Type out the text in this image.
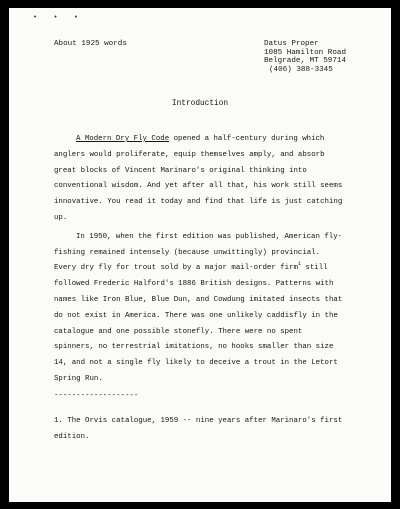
• • •
About 1925 words	Datus Proper
1085 Hamilton Road
Belgrade, MT 59714
(406) 388-3345
Introduction
A Modern Dry Fly Code opened a half-century during which
anglers would proliferate, equip themselves amply, and absorb
great blocks of Vincent Marinaro's original thinking into
conventional wisdom. And yet after all that, his work still seems
innovative. You read it today and find that life is just catching
up.
In 1950, when the first edition was published, American fly-
fishing remained intensely (because unwittingly) provincial.
Every dry fly for trout sold by a major mail-order firm$^1$ still
followed Frederic Halford's 1886 British designs. Patterns with
names like Iron Blue, Blue Dun, and Cowdung imitated insects that
do not exist in America. There was one unlikely caddisfly in the
catalogue and one possible stonefly. There were no spent
spinners, no terrestrial imitations, no hooks smaller than size
14, and not a single fly likely to deceive a trout in the Letort
Spring Run.
-------------------
1. The Orvis catalogue, 1959 -- nine years after Marinaro's first
edition.
